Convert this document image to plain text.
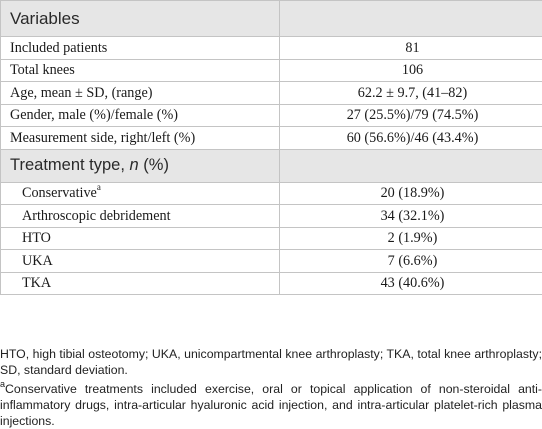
Variables	
Included patients	81
Total knees	106
Age, mean ± SD, (range)	62.2 ± 9.7, (41–82)
Gender, male (%)/female (%)	27 (25.5%)/79 (74.5%)
Measurement side, right/left (%)	60 (56.6%)/46 (43.4%)
Treatment type, n (%)	
Conservative$^a$	20 (18.9%)
Arthroscopic debridement	34 (32.1%)
HTO	2 (1.9%)
UKA	7 (6.6%)
TKA	43 (40.6%)

HTO, high tibial osteotomy; UKA, unicompartmental knee arthroplasty; TKA, total knee arthroplasty; SD, standard deviation.

$^a$Conservative treatments included exercise, oral or topical application of non-steroidal anti-inflammatory drugs, intra-articular hyaluronic acid injection, and intra-articular platelet-rich plasma injections.
